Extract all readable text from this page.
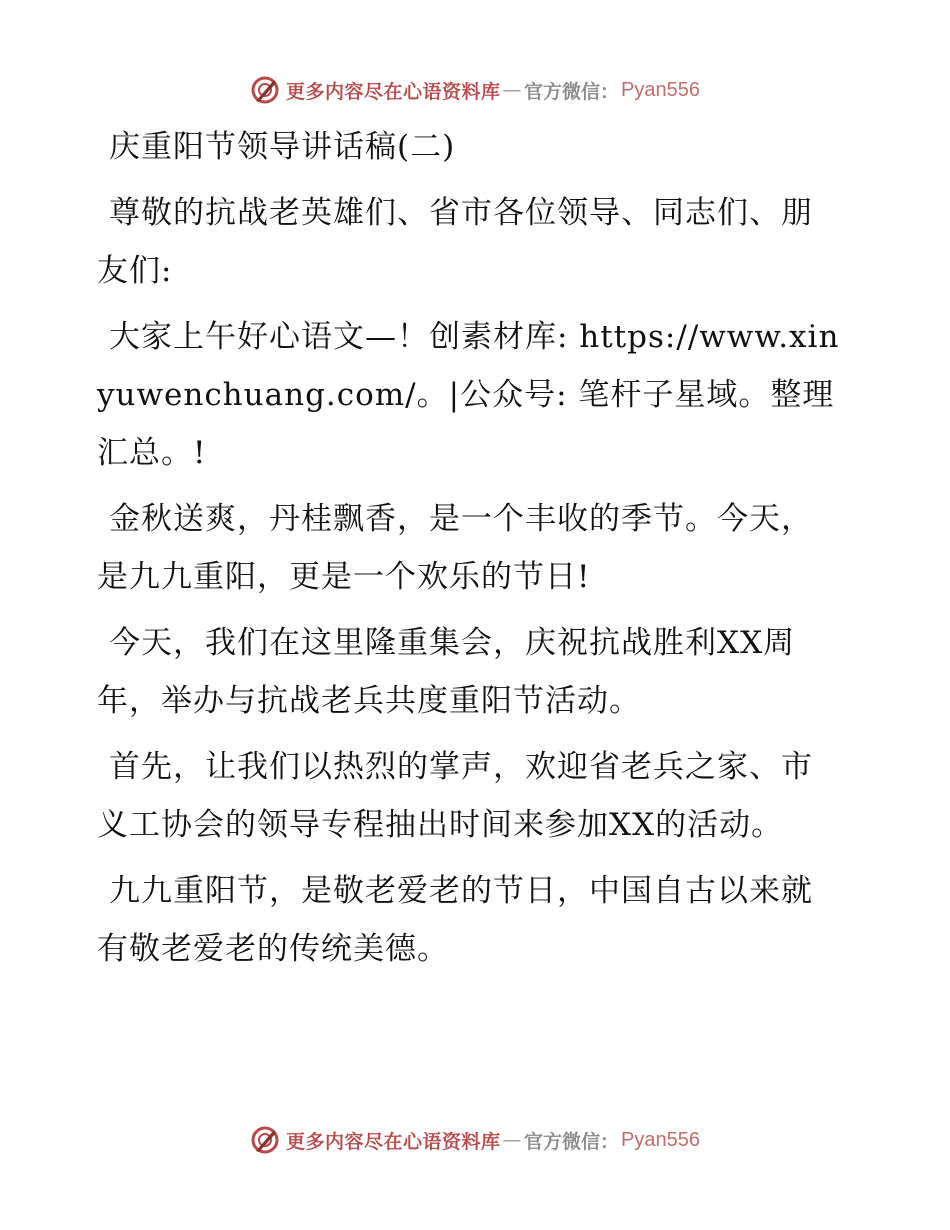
更多内容尽在心语资料库 — 官方微信： Pyan556
庆重阳节领导讲话稿(二)

尊敬的抗战老英雄们、省市各位领导、同志们、朋友们:

大家上午好心语文—！创素材库: https://www.xinyuwenchuang.com/。|公众号: 笔杆子星域。整理汇总。!

金秋送爽，丹桂飘香，是一个丰收的季节。今天，是九九重阳，更是一个欢乐的节日!

今天，我们在这里隆重集会，庆祝抗战胜利XX周年，举办与抗战老兵共度重阳节活动。

首先，让我们以热烈的掌声，欢迎省老兵之家、市义工协会的领导专程抽出时间来参加XX的活动。

九九重阳节，是敬老爱老的节日，中国自古以来就有敬老爱老的传统美德。

更多内容尽在心语资料库 — 官方微信： Pyan556
